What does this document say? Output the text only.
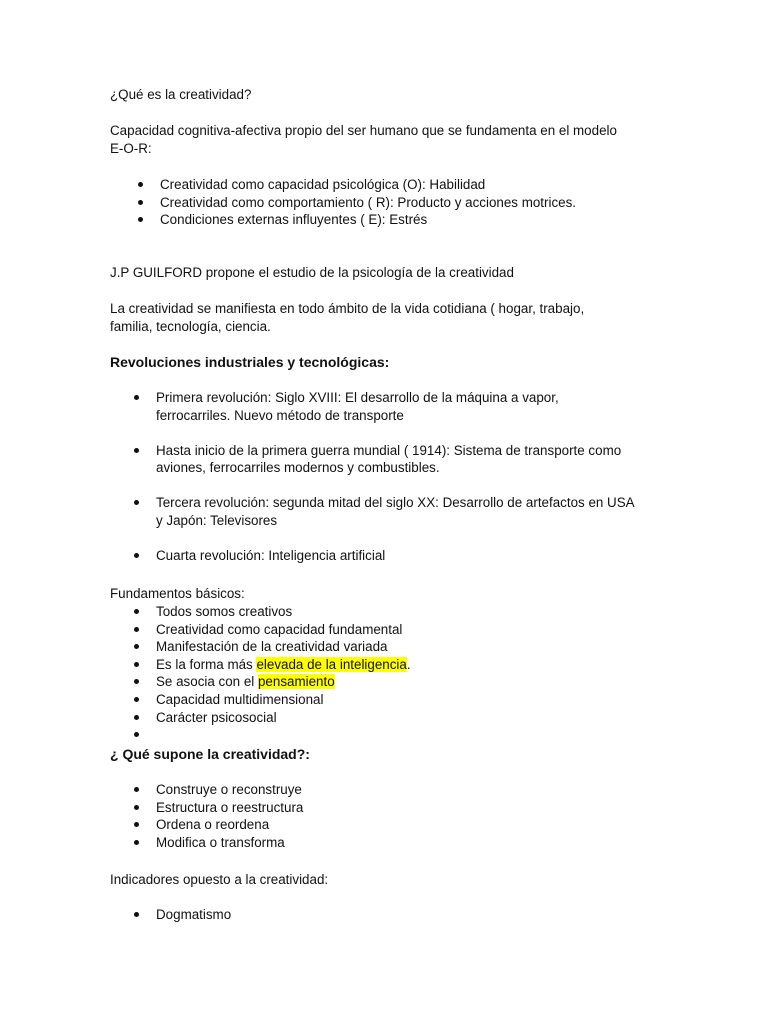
¿Qué es la creatividad?

Capacidad cognitiva-afectiva propio del ser humano que se fundamenta en el modelo

E-O-R:

Creatividad como capacidad psicológica (O): Habilidad
Creatividad como comportamiento ( R): Producto y acciones motrices.
Condiciones externas influyentes ( E): Estrés

J.P GUILFORD propone el estudio de la psicología de la creatividad

La creatividad se manifiesta en todo ámbito de la vida cotidiana ( hogar, trabajo,

familia, tecnología, ciencia.

Revoluciones industriales y tecnológicas:

Primera revolución: Siglo XVIII: El desarrollo de la máquina a vapor,
ferrocarriles. Nuevo método de transporte
Hasta inicio de la primera guerra mundial ( 1914): Sistema de transporte como
aviones, ferrocarriles modernos y combustibles.
Tercera revolución: segunda mitad del siglo XX: Desarrollo de artefactos en USA
y Japón: Televisores
Cuarta revolución: Inteligencia artificial

Fundamentos básicos:

Todos somos creativos
Creatividad como capacidad fundamental
Manifestación de la creatividad variada
Es la forma más elevada de la inteligencia.
Se asocia con el pensamiento
Capacidad multidimensional
Carácter psicosocial

¿ Qué supone la creatividad?:

Construye o reconstruye
Estructura o reestructura
Ordena o reordena
Modifica o transforma

Indicadores opuesto a la creatividad:

Dogmatismo
